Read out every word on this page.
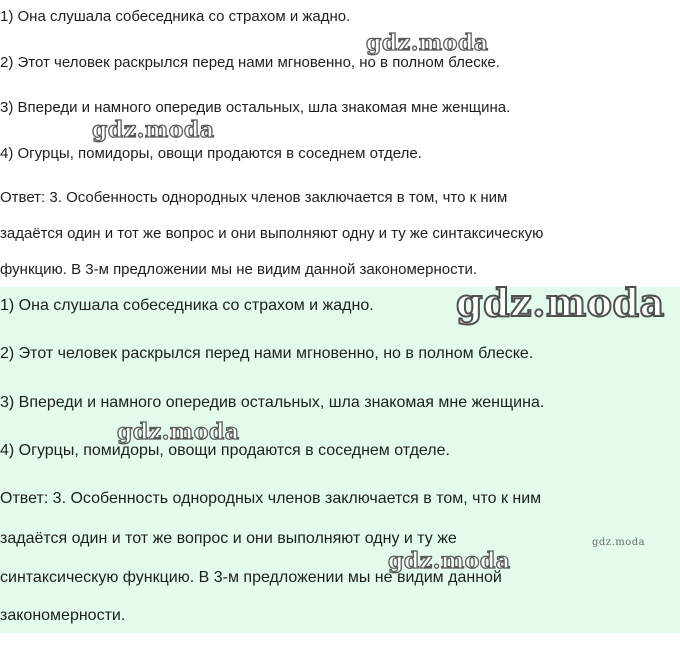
1) Она слушала собеседника со страхом и жадно.
2) Этот человек раскрылся перед нами мгновенно, но в полном блеске.
3) Впереди и намного опередив остальных, шла знакомая мне женщина.
4) Огурцы, помидоры, овощи продаются в соседнем отделе.
Ответ: 3. Особенность однородных членов заключается в том, что к ним
задаётся один и тот же вопрос и они выполняют одну и ту же синтаксическую
функцию. В 3-м предложении мы не видим данной закономерности.
gdz.moda
gdz.moda
1) Она слушала собеседника со страхом и жадно.
2) Этот человек раскрылся перед нами мгновенно, но в полном блеске.
3) Впереди и намного опередив остальных, шла знакомая мне женщина.
4) Огурцы, помидоры, овощи продаются в соседнем отделе.
Ответ: 3. Особенность однородных членов заключается в том, что к ним
задаётся один и тот же вопрос и они выполняют одну и ту же
синтаксическую функцию. В 3-м предложении мы не видим данной
закономерности.
gdz.moda
gdz.moda
gdz.moda
gdz.moda
